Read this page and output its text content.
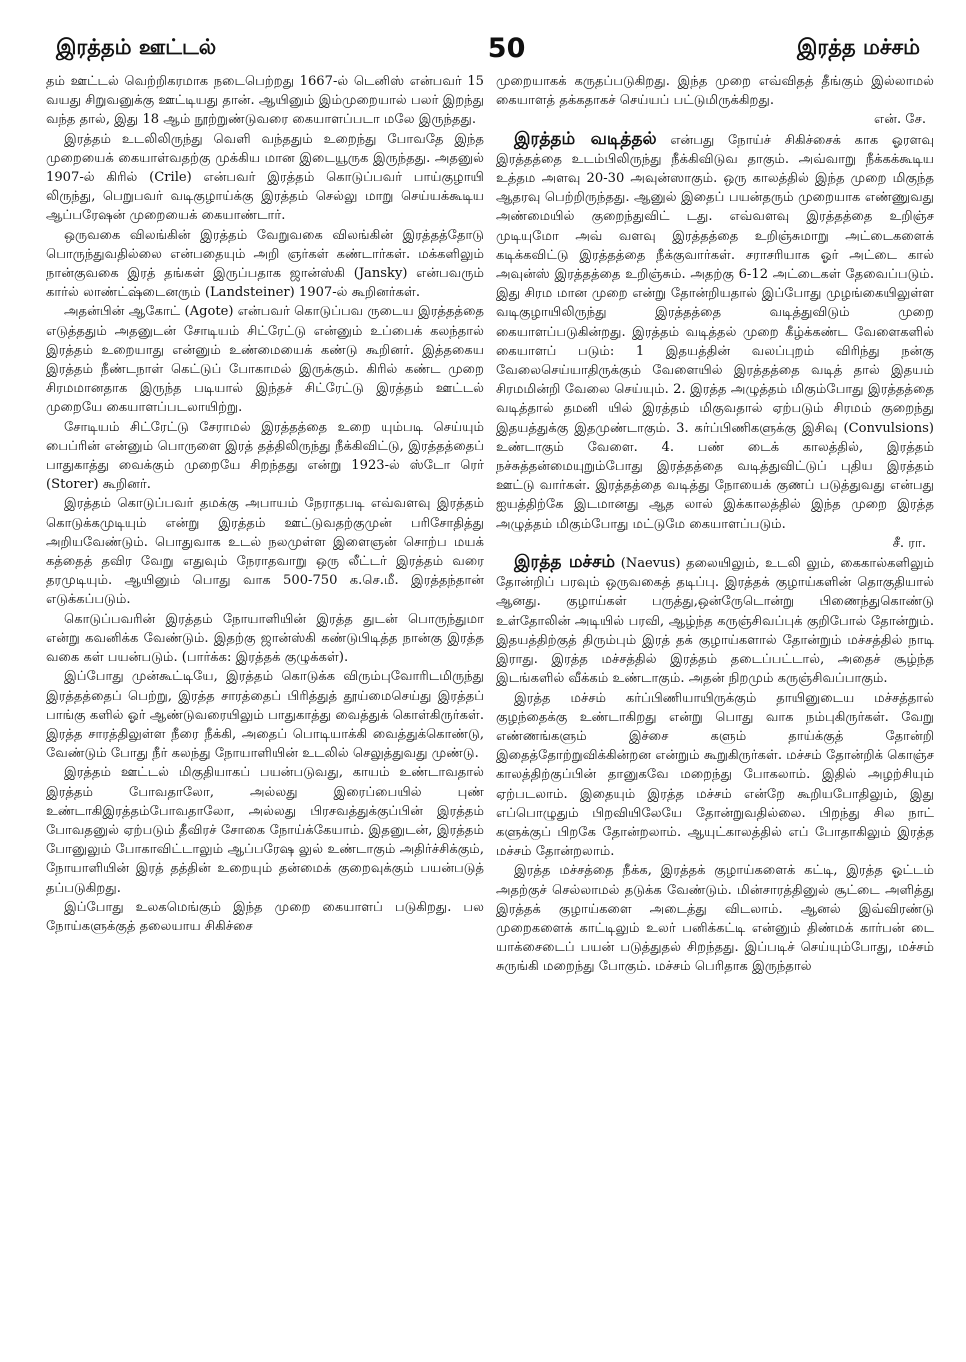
இரத்தம் ஊட்டல்	50	இரத்த மச்சம்

தம் ஊட்டல் வெற்றிகரமாக நடைபெற்றது 1667-ல் டெனிஸ் என்பவர் 15 வயது சிறுவனுக்கு ஊட்டியது தான். ஆயினும் இம்முறையால் பலர் இறந்து வந்த தால், இது 18 ஆம் நூற்றுண்டுவரை கையாளப்படா மலே இருந்தது.

இரத்தம் உடலிலிருந்து வெளி வந்ததும் உறைந்து போவதே இந்த முறையைக் கையாள்வதற்கு முக்கிய மான இடையூருக இருந்தது. அதனுல் 1907-ல் கிரில் (Crile) என்பவர் இரத்தம் கொடுப்பவர் பாய்குழாயி லிருந்து, பெறுபவர் வடிகுழாய்க்கு இரத்தம் செல்லு மாறு செய்யக்கூடிய ஆப்பரேஷன் முறையைக் கையாண்டார்.

ஒருவகை விலங்கின் இரத்தம் வேறுவகை விலங்கின் இரத்தத்தோடு பொருந்துவதில்லை என்பதையும் அறி ஞர்கள் கண்டார்கள். மக்களிலும் நான்குவகை இரத் தங்கள் இருப்பதாக ஜான்ஸ்கி (Jansky) என்பவரும் கார்ல் லாண்ட்ஷ்டைனரும் (Landsteiner) 1907-ல் கூறினர்கள்.

அதன்பின் ஆகோட் (Agote) என்பவர் கொடுப்பவ ருடைய இரத்தத்தை எடுத்ததும் அதனுடன் சோடியம் சிட்ரேட்டு என்னும் உப்பைக் கலந்தால் இரத்தம் உறையாது என்னும் உண்மையைக் கண்டு கூறினர். இத்தகைய இரத்தம் நீண்டநாள் கெட்டுப் போகாமல் இருக்கும். கிரில் கண்ட முறை சிரமமானதாக இருந்த படியால் இந்தச் சிட்ரேட்டு இரத்தம் ஊட்டல் முறையே கையாளப்படலாயிற்று.

சோடியம் சிட்ரேட்டு சேராமல் இரத்தத்தை உறை யும்படி செய்யும் பைப்ரின் என்னும் பொருளை இரத் தத்திலிருந்து நீக்கிவிட்டு, இரத்தத்தைப் பாதுகாத்து வைக்கும் முறையே சிறந்தது என்று 1923-ல் ஸ்டோ ரெர் (Storer) கூறினர்.

இரத்தம் கொடுப்பவர் தமக்கு அபாயம் நேராதபடி எவ்வளவு இரத்தம் கொடுக்கமுடியும் என்று இரத்தம் ஊட்டுவதற்குமுன் பரிசோதித்து அறியவேண்டும். பொதுவாக உடல் நலமுள்ள இளைஞன் சொற்ப மயக் கத்தைத் தவிர வேறு எதுவும் நேராதவாறு ஒரு லீட்டர் இரத்தம் வரை தரமுடியும். ஆயினும் பொது வாக 500-750 க.செ.மீ. இரத்தந்தான் எடுக்கப்படும்.

கொடுப்பவரின் இரத்தம் நோயாளியின் இரத்த துடன் பொருந்துமா என்று கவனிக்க வேண்டும். இதற்கு ஜான்ஸ்கி கண்டுபிடித்த நான்கு இரத்த வகை கள் பயன்படும். (பார்க்க: இரத்தக் குழுக்கள்).

இப்போது முன்கூட்டியே, இரத்தம் கொடுக்க விரும்புவோரிடமிருந்து இரத்தத்தைப் பெற்று, இரத்த சாரத்தைப் பிரித்துத் தூய்மைசெய்து இரத்தப் பாங்கு களில் ஓர் ஆண்டுவரையிலும் பாதுகாத்து வைத்துக் கொள்கிருர்கள். இரத்த சாரத்திலுள்ள நீரை நீக்கி, அதைப் பொடியாக்கி வைத்துக்கொண்டு, வேண்டும் போது நீர் கலந்து நோயாளியின் உடலில் செலுத்துவது முண்டு.

இரத்தம் ஊட்டல் மிகுதியாகப் பயன்படுவது, காயம் உண்டாவதால் இரத்தம் போவதாலோ, அல்லது இரைப்பையில் புண் உண்டாகிஇரத்தம்போவதாலோ, அல்லது பிரசவத்துக்குப்பின் இரத்தம் போவதனுல் ஏற்படும் தீவிரச் சோகை நோய்க்கேயாம். இதனுடன், இரத்தம் போனுலும் போகாவிட்டாலும் ஆப்பரேஷ லுல் உண்டாகும் அதிர்ச்சிக்கும், நோயாளியின் இரத் தத்தின் உறையும் தன்மைக் குறைவுக்கும் பயன்படுத் தப்படுகிறது.

இப்போது உலகமெங்கும் இந்த முறை கையாளப் படுகிறது. பல நோய்களுக்குத் தலையாய சிகிச்சை

முறையாகக் கருதப்படுகிறது. இந்த முறை எவ்விதத் தீங்கும் இல்லாமல் கையாளத் தக்கதாகச் செய்யப் பட்டுமிருக்கிறது.

என். சே.

இரத்தம் வடித்தல் என்பது நோய்ச் சிகிச்சைக் காக ஓரளவு இரத்தத்தை உடம்பிலிருந்து நீக்கிவிடுவ தாகும். அவ்வாறு நீக்கக்கூடிய உத்தம அளவு 20-30 அவுன்ஸாகும். ஒரு காலத்தில் இந்த முறை மிகுந்த ஆதரவு பெற்றிருந்தது. ஆனுல் இதைப் பயன்தரும் முறையாக எண்ணுவது அண்மையில் குறைந்துவிட் டது. எவ்வளவு இரத்தத்தை உறிஞ்ச முடியுமோ அவ் வளவு இரத்தத்தை உறிஞ்சுமாறு அட்டைகளைக் கடிக்கவிட்டு இரத்தத்தை நீக்குவார்கள். சராசரியாக ஓர் அட்டை கால் அவுன்ஸ் இரத்தத்தை உறிஞ்சும். அதற்கு 6-12 அட்டைகள் தேவைப்படும். இது சிரம மான முறை என்று தோன்றியதால் இப்போது முழங்கையிலுள்ள வடிகுழாயிலிருந்து இரத்தத்தை வடித்துவிடும் முறை கையாளப்படுகின்றது. இரத்தம் வடித்தல் முறை கீழ்க்கண்ட வேளைகளில் கையாளப் படும்: 1 இதயத்தின் வலப்புறம் விரிந்து நன்கு வேலைசெய்யாதிருக்கும் வேளையில் இரத்தத்தை வடித் தால் இதயம் சிரமமின்றி வேலை செய்யும். 2. இரத்த அழுத்தம் மிகும்போது இரத்தத்தை வடித்தால் தமனி யில் இரத்தம் மிகுவதால் ஏற்படும் சிரமம் குறைந்து இதயத்துக்கு இதமுண்டாகும். 3. கர்ப்பிணிகளுக்கு இசிவு (Convulsions) உண்டாகும் வேளை. 4. பண் டைக் காலத்தில், இரத்தம் நச்சுத்தன்மையுறும்போது இரத்தத்தை வடித்துவிட்டுப் புதிய இரத்தம் ஊட்டு வார்கள். இரத்தத்தை வடித்து நோயைக் குணப் படுத்துவது என்பது ஐயத்திற்கே இடமானது ஆத லால் இக்காலத்தில் இந்த முறை இரத்த அழுத்தம் மிகும்போது மட்டுமே கையாளப்படும்.

சீ. ரா.

இரத்த மச்சம் (Naevus) தலையிலும், உடலி லும், கைகால்களிலும் தோன்றிப் பரவும் ஒருவகைத் தடிப்பு. இரத்தக் குழாய்களின் தொகுதியால் ஆனது. குழாய்கள் பருத்து,ஒன்ருேடொன்று பிணைந்துகொண்டு உள்தோலின் அடியில் பரவி, ஆழ்ந்த கருஞ்சிவப்புக் குறிபோல் தோன்றும். இதயத்திற்குத் திரும்பும் இரத் தக் குழாய்களால் தோன்றும் மச்சத்தில் நாடி இராது. இரத்த மச்சத்தில் இரத்தம் தடைப்பட்டால், அதைச் சூழ்ந்த இடங்களில் வீக்கம் உண்டாகும். அதன் நிறமும் கருஞ்சிவப்பாகும்.

இரத்த மச்சம் கர்ப்பிணியாயிருக்கும் தாயினுடைய மச்சத்தால் குழந்தைக்கு உண்டாகிறது என்று பொது வாக நம்புகிருர்கள். வேறு எண்ணங்களும் இச்சை களும் தாய்க்குத் தோன்றி இதைத்தோற்றுவிக்கின்றன என்றும் கூறுகிருர்கள். மச்சம் தோன்றிக் கொஞ்ச காலத்திற்குப்பின் தானுகவே மறைந்து போகலாம். இதில் அழற்சியும் ஏற்படலாம். இதையும் இரத்த மச்சம் என்றே கூறியபோதிலும், இது எப்பொழுதும் பிறவியிலேயே தோன்றுவதில்லை. பிறந்து சில நாட் களுக்குப் பிறகே தோன்றலாம். ஆயுட்காலத்தில் எப் போதாகிலும் இரத்த மச்சம் தோன்றலாம்.

இரத்த மச்சத்தை நீக்க, இரத்தக் குழாய்களைக் கட்டி, இரத்த ஓட்டம் அதற்குச் செல்லாமல் தடுக்க வேண்டும். மின்சாரத்தினுல் சூட்டை அளித்து இரத்தக் குழாய்களை அடைத்து விடலாம். ஆனல் இவ்விரண்டு முறைகளைக் காட்டிலும் உலர் பனிக்கட்டி என்னும் திண்மக் கார்பன் டை யாக்சைடைப் பயன் படுத்துதல் சிறந்தது. இப்படிச் செய்யும்போது, மச்சம் சுருங்கி மறைந்து போகும். மச்சம் பெரிதாக இருந்தால்
